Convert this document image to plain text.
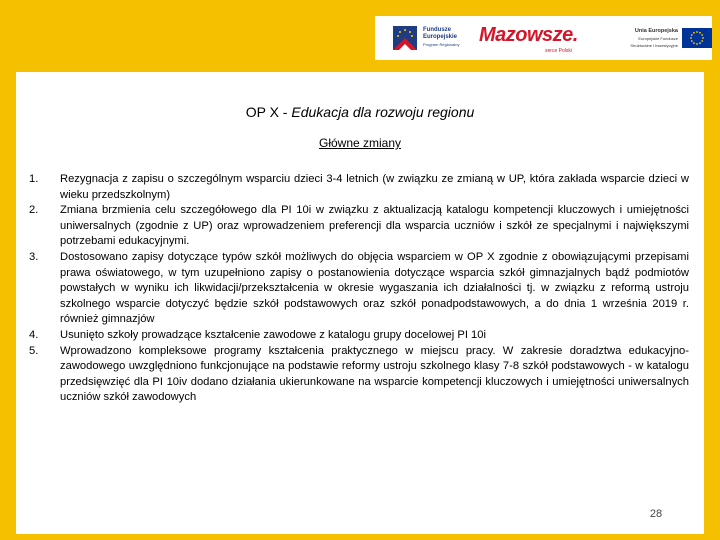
Fundusze
Europejskie
Program Regionalny Mazowsze.
serce Polski
Unia Europejska
Europejskie Fundusze
Strukturalne i Inwestycyjne
OP X - Edukacja dla rozwoju regionu
Główne zmiany
1. Rezygnacja z zapisu o szczególnym wsparciu dzieci 3-4 letnich (w związku ze zmianą w UP, która zakłada wsparcie dzieci w wieku przedszkolnym)
2. Zmiana brzmienia celu szczegółowego dla PI 10i w związku z aktualizacją katalogu kompetencji kluczowych i umiejętności uniwersalnych (zgodnie z UP) oraz wprowadzeniem preferencji dla wsparcia uczniów i szkół ze specjalnymi i największymi potrzebami edukacyjnymi.
3. Dostosowano zapisy dotyczące typów szkół możliwych do objęcia wsparciem w OP X zgodnie z obowiązującymi przepisami prawa oświatowego, w tym uzupełniono zapisy o postanowienia dotyczące wsparcia szkół gimnazjalnych bądź podmiotów powstałych w wyniku ich likwidacji/przekształcenia w okresie wygaszania ich działalności tj. w związku z reformą ustroju szkolnego wsparcie dotyczyć będzie szkół podstawowych oraz szkół ponadpodstawowych, a do dnia 1 września 2019 r. również gimnazjów
4. Usunięto szkoły prowadzące kształcenie zawodowe z katalogu grupy docelowej PI 10i
5. Wprowadzono kompleksowe programy kształcenia praktycznego w miejscu pracy. W zakresie doradztwa edukacyjno-zawodowego uwzględniono funkcjonujące na podstawie reformy ustroju szkolnego klasy 7-8 szkół podstawowych - w katalogu przedsięwzięć dla PI 10iv dodano działania ukierunkowane na wsparcie kompetencji kluczowych i umiejętności uniwersalnych uczniów szkół zawodowych
28
